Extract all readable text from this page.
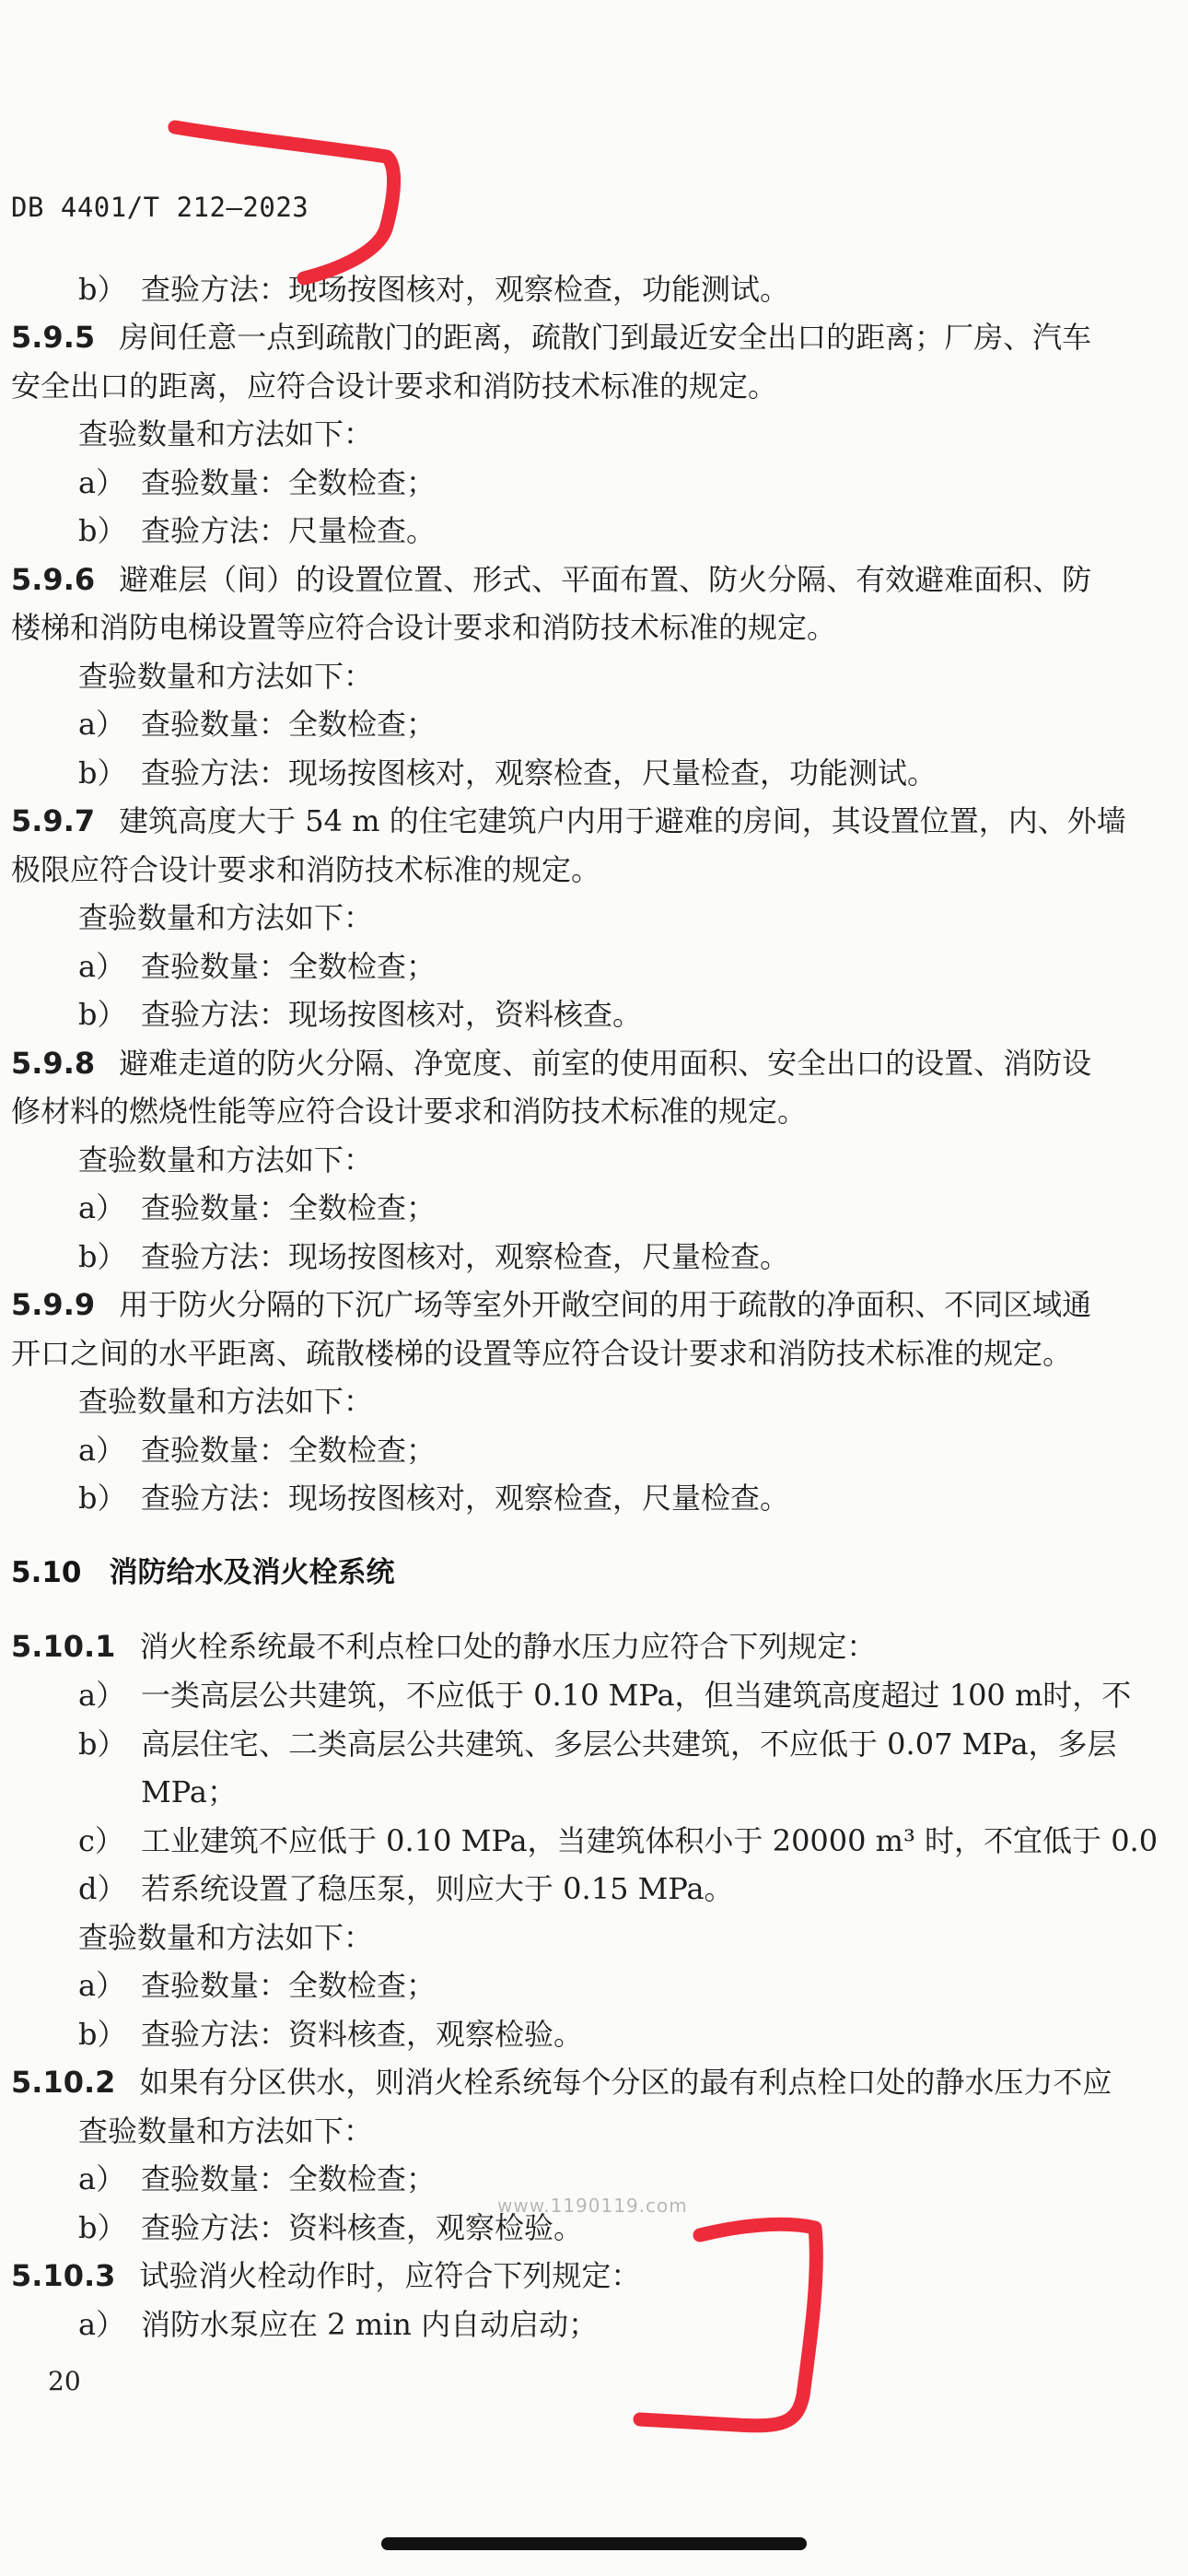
DB 4401/T 212—2023
b） 查验方法：现场按图核对，观察检查，功能测试。
5.9.5 房间任意一点到疏散门的距离，疏散门到最近安全出口的距离；厂房、汽车
安全出口的距离，应符合设计要求和消防技术标准的规定。
查验数量和方法如下：
a） 查验数量：全数检查；
b） 查验方法：尺量检查。
5.9.6 避难层（间）的设置位置、形式、平面布置、防火分隔、有效避难面积、防
楼梯和消防电梯设置等应符合设计要求和消防技术标准的规定。
查验数量和方法如下：
a） 查验数量：全数检查；
b） 查验方法：现场按图核对，观察检查，尺量检查，功能测试。
5.9.7 建筑高度大于 54 m 的住宅建筑户内用于避难的房间，其设置位置，内、外墙
极限应符合设计要求和消防技术标准的规定。
查验数量和方法如下：
a） 查验数量：全数检查；
b） 查验方法：现场按图核对，资料核查。
5.9.8 避难走道的防火分隔、净宽度、前室的使用面积、安全出口的设置、消防设
修材料的燃烧性能等应符合设计要求和消防技术标准的规定。
查验数量和方法如下：
a） 查验数量：全数检查；
b） 查验方法：现场按图核对，观察检查，尺量检查。
5.9.9 用于防火分隔的下沉广场等室外开敞空间的用于疏散的净面积、不同区域通
开口之间的水平距离、疏散楼梯的设置等应符合设计要求和消防技术标准的规定。
查验数量和方法如下：
a） 查验数量：全数检查；
b） 查验方法：现场按图核对，观察检查，尺量检查。
5.10 消防给水及消火栓系统
5.10.1 消火栓系统最不利点栓口处的静水压力应符合下列规定：
a） 一类高层公共建筑，不应低于 0.10 MPa，但当建筑高度超过 100 m时，不
b） 高层住宅、二类高层公共建筑、多层公共建筑，不应低于 0.07 MPa，多层
MPa；
c） 工业建筑不应低于 0.10 MPa，当建筑体积小于 20000 m³ 时，不宜低于 0.0
d） 若系统设置了稳压泵，则应大于 0.15 MPa。
查验数量和方法如下：
a） 查验数量：全数检查；
b） 查验方法：资料核查，观察检验。
5.10.2 如果有分区供水，则消火栓系统每个分区的最有利点栓口处的静水压力不应
查验数量和方法如下：
a） 查验数量：全数检查；
b） 查验方法：资料核查，观察检验。
5.10.3 试验消火栓动作时，应符合下列规定：
a） 消防水泵应在 2 min 内自动启动；
www.1190119.com
20
